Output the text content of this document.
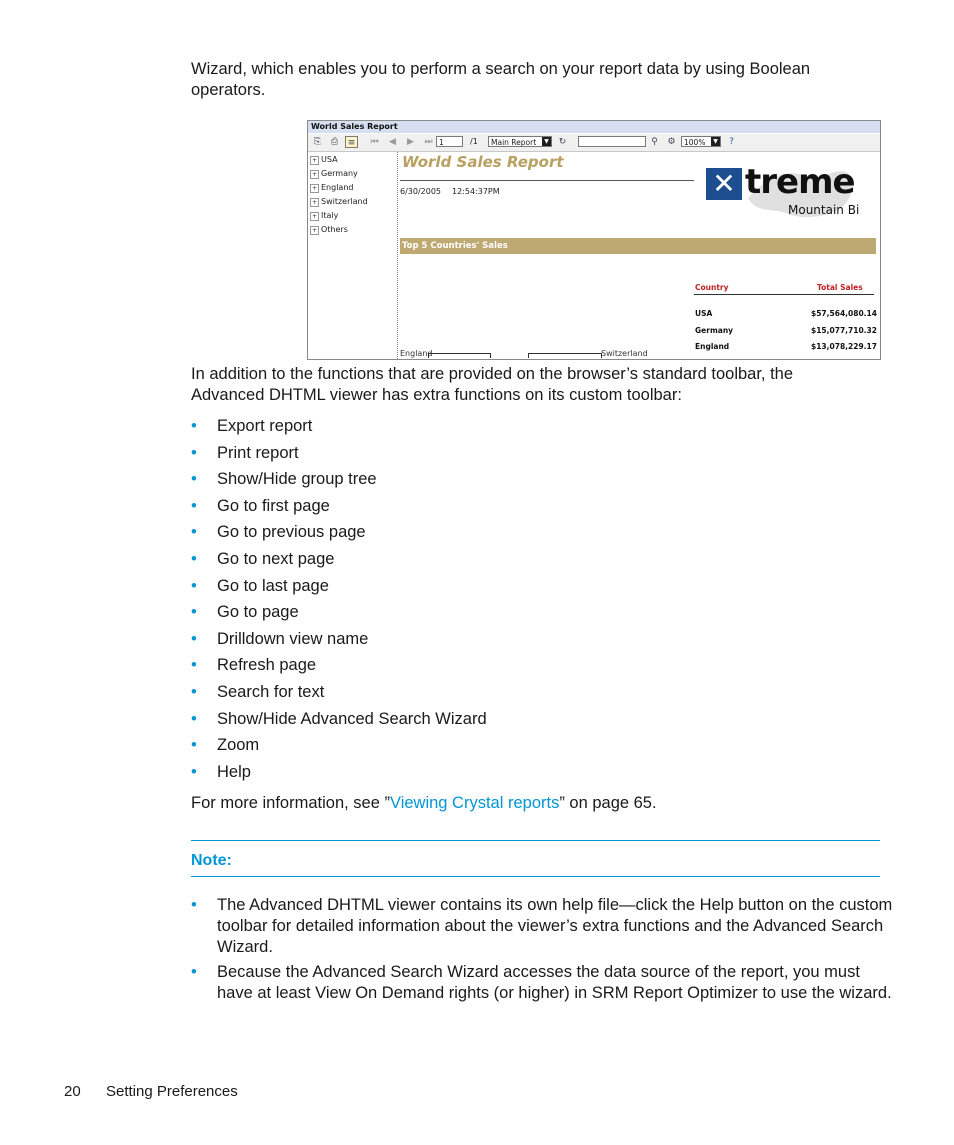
Wizard, which enables you to perform a search on your report data by using Boolean
operators.

World Sales Report
⎘	⎙	≡	⏮	◀	▶	⏭ 1	/1	Main Report	▼	↻	⚲	⚙	100%	▼	?
+ USA
+ Germany
+ England
+ Switzerland
+ Italy
+ Others
World Sales Report
6/30/2005 12:54:37PM	✕ treme
Mountain Bi
Top 5 Countries' Sales
Country	Total Sales
USA	$57,564,080.14
Germany	$15,077,710.32
England	$13,078,229.17
England	Switzerland

In addition to the functions that are provided on the browser’s standard toolbar, the
Advanced DHTML viewer has extra functions on its custom toolbar:

• Export report
• Print report
• Show/Hide group tree
• Go to first page
• Go to previous page
• Go to next page
• Go to last page
• Go to page
• Drilldown view name
• Refresh page
• Search for text
• Show/Hide Advanced Search Wizard
• Zoom
• Help

For more information, see ”Viewing Crystal reports” on page 65.

Note:
• The Advanced DHTML viewer contains its own help file—click the Help button on the custom toolbar for detailed information about the viewer’s extra functions and the Advanced Search Wizard.
• Because the Advanced Search Wizard accesses the data source of the report, you must have at least View On Demand rights (or higher) in SRM Report Optimizer to use the wizard.
20 Setting Preferences
